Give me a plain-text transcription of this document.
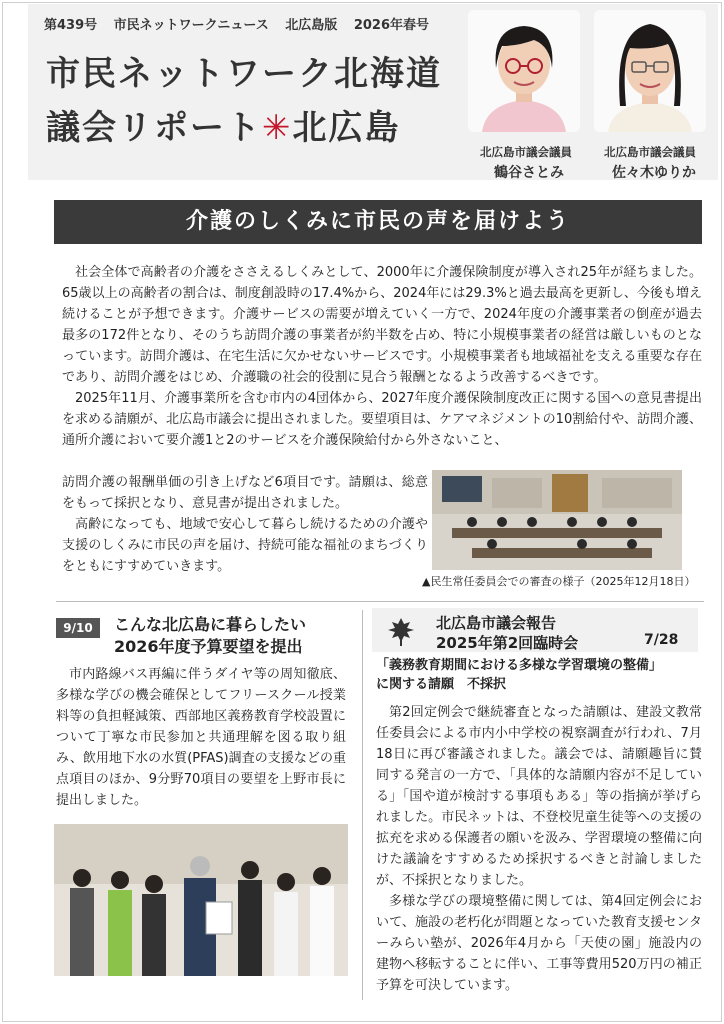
第439号 市民ネットワークニュース 北広島版 2026年春号
市民ネットワーク北海道
議会リポート✳北広島
北広島市議会議員
鶴谷さとみ
北広島市議会議員
佐々木ゆりか
介護のしくみに市民の声を届けよう

社会全体で高齢者の介護をささえるしくみとして、2000年に介護保険制度が導入され25年が経ちました。65歳以上の高齢者の割合は、制度創設時の17.4%から、2024年には29.3%と過去最高を更新し、今後も増え続けることが予想できます。介護サービスの需要が増えていく一方で、2024年度の介護事業者の倒産が過去最多の172件となり、そのうち訪問介護の事業者が約半数を占め、特に小規模事業者の経営は厳しいものとなっています。訪問介護は、在宅生活に欠かせないサービスです。小規模事業者も地域福祉を支える重要な存在であり、訪問介護をはじめ、介護職の社会的役割に見合う報酬となるよう改善するべきです。

2025年11月、介護事業所を含む市内の4団体から、2027年度介護保険制度改正に関する国への意見書提出を求める請願が、北広島市議会に提出されました。要望項目は、ケアマネジメントの10割給付や、訪問介護、通所介護において要介護1と2のサービスを介護保険給付から外さないこと、

訪問介護の報酬単価の引き上げなど6項目です。請願は、総意をもって採択となり、意見書が提出されました。

高齢になっても、地域で安心して暮らし続けるための介護や支援のしくみに市民の声を届け、持続可能な福祉のまちづくりをともにすすめていきます。

▲民生常任委員会での審査の様子（2025年12月18日）
9/10	こんな北広島に暮らしたい
2026年度予算要望を提出

市内路線バス再編に伴うダイヤ等の周知徹底、多様な学びの機会確保としてフリースクール授業料等の負担軽減策、西部地区義務教育学校設置について丁寧な市民参加と共通理解を図る取り組み、飲用地下水の水質(PFAS)調査の支援などの重点項目のほか、9分野70項目の要望を上野市長に提出しました。

北広島市議会報告
2025年第2回臨時会	7/28
「義務教育期間における多様な学習環境の整備」
に関する請願　不採択

第2回定例会で継続審査となった請願は、建設文教常任委員会による市内小中学校の視察調査が行われ、7月18日に再び審議されました。議会では、請願趣旨に賛同する発言の一方で、「具体的な請願内容が不足している」「国や道が検討する事項もある」等の指摘が挙げられました。市民ネットは、不登校児童生徒等への支援の拡充を求める保護者の願いを汲み、学習環境の整備に向けた議論をすすめるため採択するべきと討論しましたが、不採択となりました。

多様な学びの環境整備に関しては、第4回定例会において、施設の老朽化が問題となっていた教育支援センターみらい塾が、2026年4月から「天使の園」施設内の建物へ移転することに伴い、工事等費用520万円の補正予算を可決しています。
